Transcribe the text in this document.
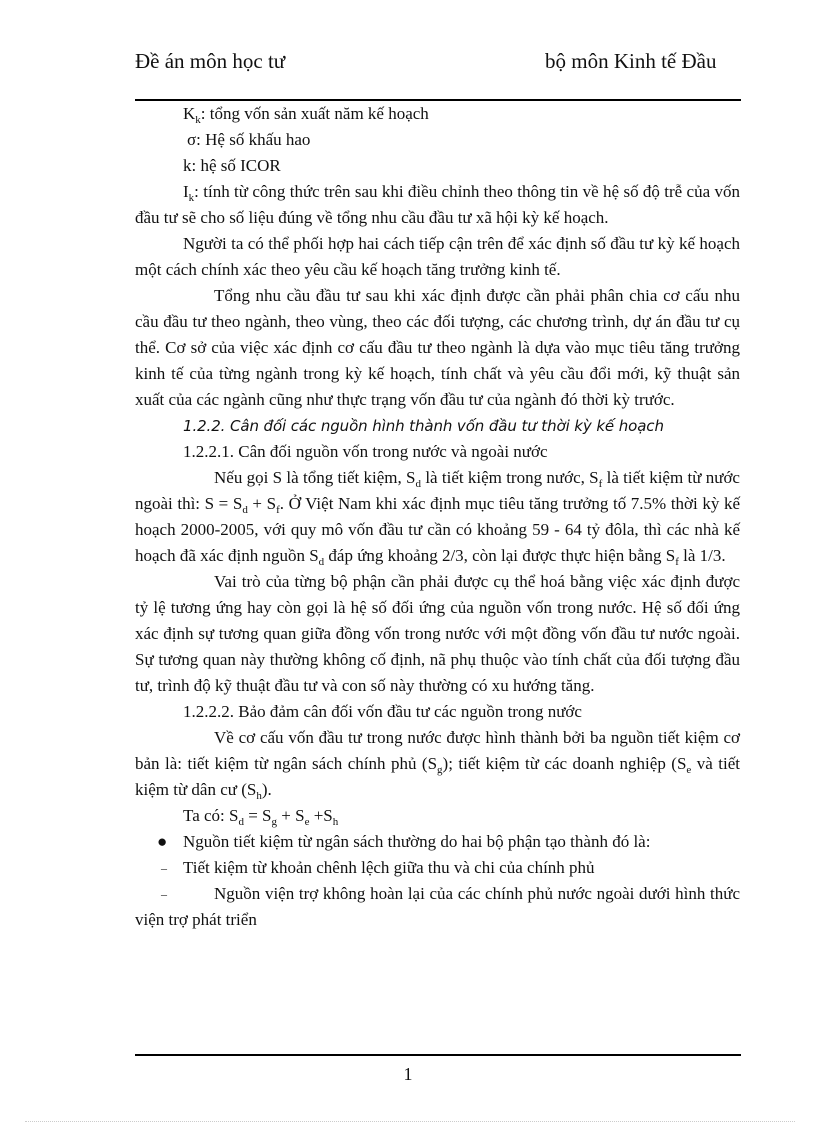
Đề án môn học tư	bộ môn Kinh tế Đầu

$K_k$: tổng vốn sản xuất năm kế hoạch

σ: Hệ số khấu hao

k: hệ số ICOR

$I_k$: tính từ công thức trên sau khi điều chỉnh theo thông tin về hệ số độ trễ của vốn đầu tư sẽ cho số liệu đúng về tổng nhu cầu đầu tư xã hội kỳ kế hoạch.

Người ta có thể phối hợp hai cách tiếp cận trên để xác định số đầu tư kỳ kế hoạch một cách chính xác theo yêu cầu kế hoạch tăng trưởng kinh tế.

Tổng nhu cầu đầu tư sau khi xác định được cần phải phân chia cơ cấu nhu cầu đầu tư theo ngành, theo vùng, theo các đối tượng, các chương trình, dự án đầu tư cụ thể. Cơ sở của việc xác định cơ cấu đầu tư theo ngành là dựa vào mục tiêu tăng trưởng kinh tế của từng ngành trong kỳ kế hoạch, tính chất và yêu cầu đổi mới, kỹ thuật sản xuất của các ngành cũng như thực trạng vốn đầu tư của ngành đó thời kỳ trước.

1.2.2. Cân đối các nguồn hình thành vốn đầu tư thời kỳ kế hoạch

1.2.2.1. Cân đối nguồn vốn trong nước và ngoài nước

Nếu gọi S là tổng tiết kiệm, $S_d$ là tiết kiệm trong nước, $S_f$ là tiết kiệm từ nước ngoài thì: $S = S_d + S_f$. Ở Việt Nam khi xác định mục tiêu tăng trưởng tố 7.5% thời kỳ kế hoạch 2000-2005, với quy mô vốn đầu tư cần có khoảng 59 - 64 tỷ đôla, thì các nhà kế hoạch đã xác định nguồn $S_d$ đáp ứng khoảng 2/3, còn lại được thực hiện bằng $S_f$ là 1/3.

Vai trò của từng bộ phận cần phải được cụ thể hoá bằng việc xác định được tỷ lệ tương ứng hay còn gọi là hệ số đối ứng của nguồn vốn trong nước. Hệ số đối ứng xác định sự tương quan giữa đồng vốn trong nước với một đồng vốn đầu tư nước ngoài. Sự tương quan này thường không cố định, nã phụ thuộc vào tính chất của đối tượng đầu tư, trình độ kỹ thuật đầu tư và con số này thường có xu hướng tăng.

1.2.2.2. Bảo đảm cân đối vốn đầu tư các nguồn trong nước

Về cơ cấu vốn đầu tư trong nước được hình thành bởi ba nguồn tiết kiệm cơ bản là: tiết kiệm từ ngân sách chính phủ $(S_g)$; tiết kiệm từ các doanh nghiệp ($S_e$ và tiết kiệm từ dân cư $(S_h)$.

Ta có: $S_d = S_g + S_e +S_h$

● Nguồn tiết kiệm từ ngân sách thường do hai bộ phận tạo thành đó là:

– Tiết kiệm từ khoản chênh lệch giữa thu và chi của chính phủ

–	Nguồn viện trợ không hoàn lại của các chính phủ nước ngoài dưới hình thức viện trợ phát triển

1
